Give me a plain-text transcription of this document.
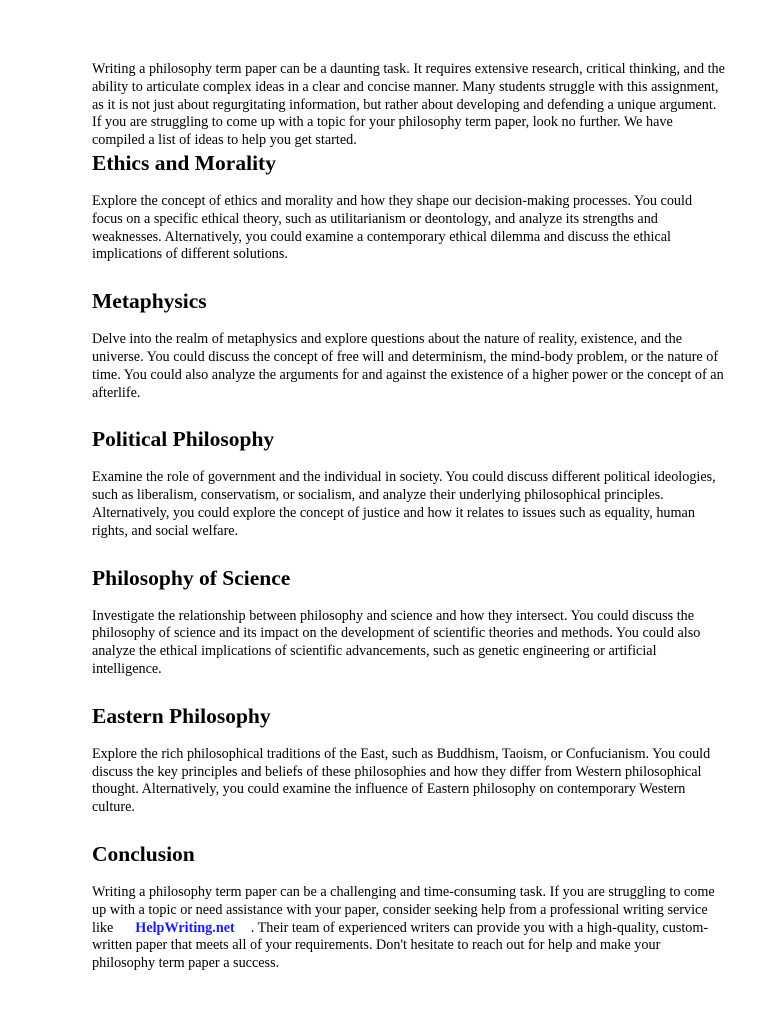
Writing a philosophy term paper can be a daunting task. It requires extensive research, critical thinking, and the ability to articulate complex ideas in a clear and concise manner. Many students struggle with this assignment, as it is not just about regurgitating information, but rather about developing and defending a unique argument. If you are struggling to come up with a topic for your philosophy term paper, look no further. We have compiled a list of ideas to help you get started.

Ethics and Morality

Explore the concept of ethics and morality and how they shape our decision-making processes. You could focus on a specific ethical theory, such as utilitarianism or deontology, and analyze its strengths and weaknesses. Alternatively, you could examine a contemporary ethical dilemma and discuss the ethical implications of different solutions.

Metaphysics

Delve into the realm of metaphysics and explore questions about the nature of reality, existence, and the universe. You could discuss the concept of free will and determinism, the mind-body problem, or the nature of time. You could also analyze the arguments for and against the existence of a higher power or the concept of an afterlife.

Political Philosophy

Examine the role of government and the individual in society. You could discuss different political ideologies, such as liberalism, conservatism, or socialism, and analyze their underlying philosophical principles. Alternatively, you could explore the concept of justice and how it relates to issues such as equality, human rights, and social welfare.

Philosophy of Science

Investigate the relationship between philosophy and science and how they intersect. You could discuss the philosophy of science and its impact on the development of scientific theories and methods. You could also analyze the ethical implications of scientific advancements, such as genetic engineering or artificial intelligence.

Eastern Philosophy

Explore the rich philosophical traditions of the East, such as Buddhism, Taoism, or Confucianism. You could discuss the key principles and beliefs of these philosophies and how they differ from Western philosophical thought. Alternatively, you could examine the influence of Eastern philosophy on contemporary Western culture.

Conclusion

Writing a philosophy term paper can be a challenging and time-consuming task. If you are struggling to come up with a topic or need assistance with your paper, consider seeking help from a professional writing service like HelpWriting.net . Their team of experienced writers can provide you with a high-quality, custom-written paper that meets all of your requirements. Don't hesitate to reach out for help and make your philosophy term paper a success.
